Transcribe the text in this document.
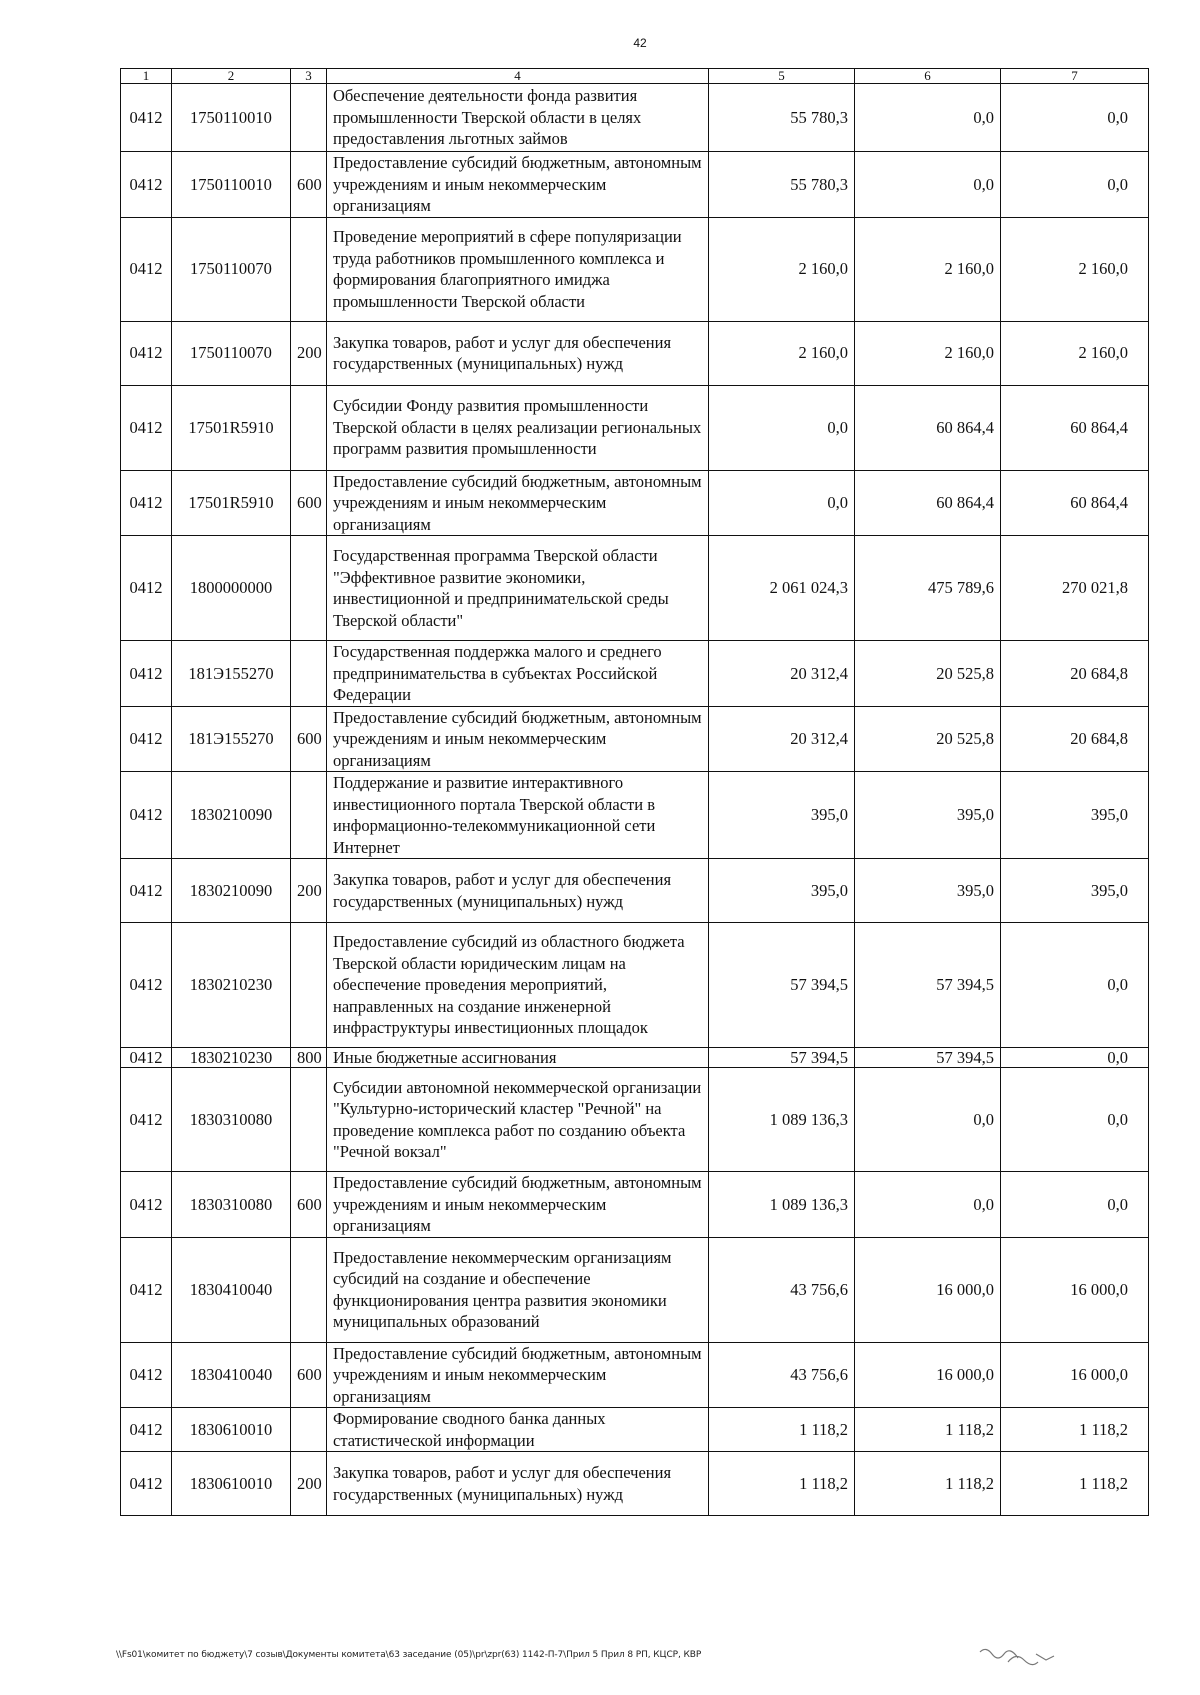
42
1	2	3	4	5	6	7
0412	1750110010		Обеспечение деятельности фонда развития промышленности Тверской области в целях предоставления льготных займов	55 780,3	0,0	0,0
0412	1750110010	600	Предоставление субсидий бюджетным, автономным учреждениям и иным некоммерческим организациям	55 780,3	0,0	0,0
0412	1750110070		Проведение мероприятий в сфере популяризации труда работников промышленного комплекса и формирования благоприятного имиджа промышленности Тверской области	2 160,0	2 160,0	2 160,0
0412	1750110070	200	Закупка товаров, работ и услуг для обеспечения государственных (муниципальных) нужд	2 160,0	2 160,0	2 160,0
0412	17501R5910		Субсидии Фонду развития промышленности Тверской области в целях реализации региональных программ развития промышленности	0,0	60 864,4	60 864,4
0412	17501R5910	600	Предоставление субсидий бюджетным, автономным учреждениям и иным некоммерческим организациям	0,0	60 864,4	60 864,4
0412	1800000000		Государственная программа Тверской области "Эффективное развитие экономики, инвестиционной и предпринимательской среды Тверской области"	2 061 024,3	475 789,6	270 021,8
0412	181Э155270		Государственная поддержка малого и среднего предпринимательства в субъектах Российской Федерации	20 312,4	20 525,8	20 684,8
0412	181Э155270	600	Предоставление субсидий бюджетным, автономным учреждениям и иным некоммерческим организациям	20 312,4	20 525,8	20 684,8
0412	1830210090		Поддержание и развитие интерактивного инвестиционного портала Тверской области в информационно-телекоммуникационной сети Интернет	395,0	395,0	395,0
0412	1830210090	200	Закупка товаров, работ и услуг для обеспечения государственных (муниципальных) нужд	395,0	395,0	395,0
0412	1830210230		Предоставление субсидий из областного бюджета Тверской области юридическим лицам на обеспечение проведения мероприятий, направленных на создание инженерной инфраструктуры инвестиционных площадок	57 394,5	57 394,5	0,0
0412	1830210230	800	Иные бюджетные ассигнования	57 394,5	57 394,5	0,0
0412	1830310080		Субсидии автономной некоммерческой организации "Культурно-исторический кластер "Речной" на проведение комплекса работ по созданию объекта "Речной вокзал"	1 089 136,3	0,0	0,0
0412	1830310080	600	Предоставление субсидий бюджетным, автономным учреждениям и иным некоммерческим организациям	1 089 136,3	0,0	0,0
0412	1830410040		Предоставление некоммерческим организациям субсидий на создание и обеспечение функционирования центра развития экономики муниципальных образований	43 756,6	16 000,0	16 000,0
0412	1830410040	600	Предоставление субсидий бюджетным, автономным учреждениям и иным некоммерческим организациям	43 756,6	16 000,0	16 000,0
0412	1830610010		Формирование сводного банка данных статистической информации	1 118,2	1 118,2	1 118,2
0412	1830610010	200	Закупка товаров, работ и услуг для обеспечения государственных (муниципальных) нужд	1 118,2	1 118,2	1 118,2
\\Fs01\комитет по бюджету\7 созыв\Документы комитета\63 заседание (05)\pr\zpr(63) 1142-П-7\Прил 5 Прил 8 РП, КЦСР, КВР
